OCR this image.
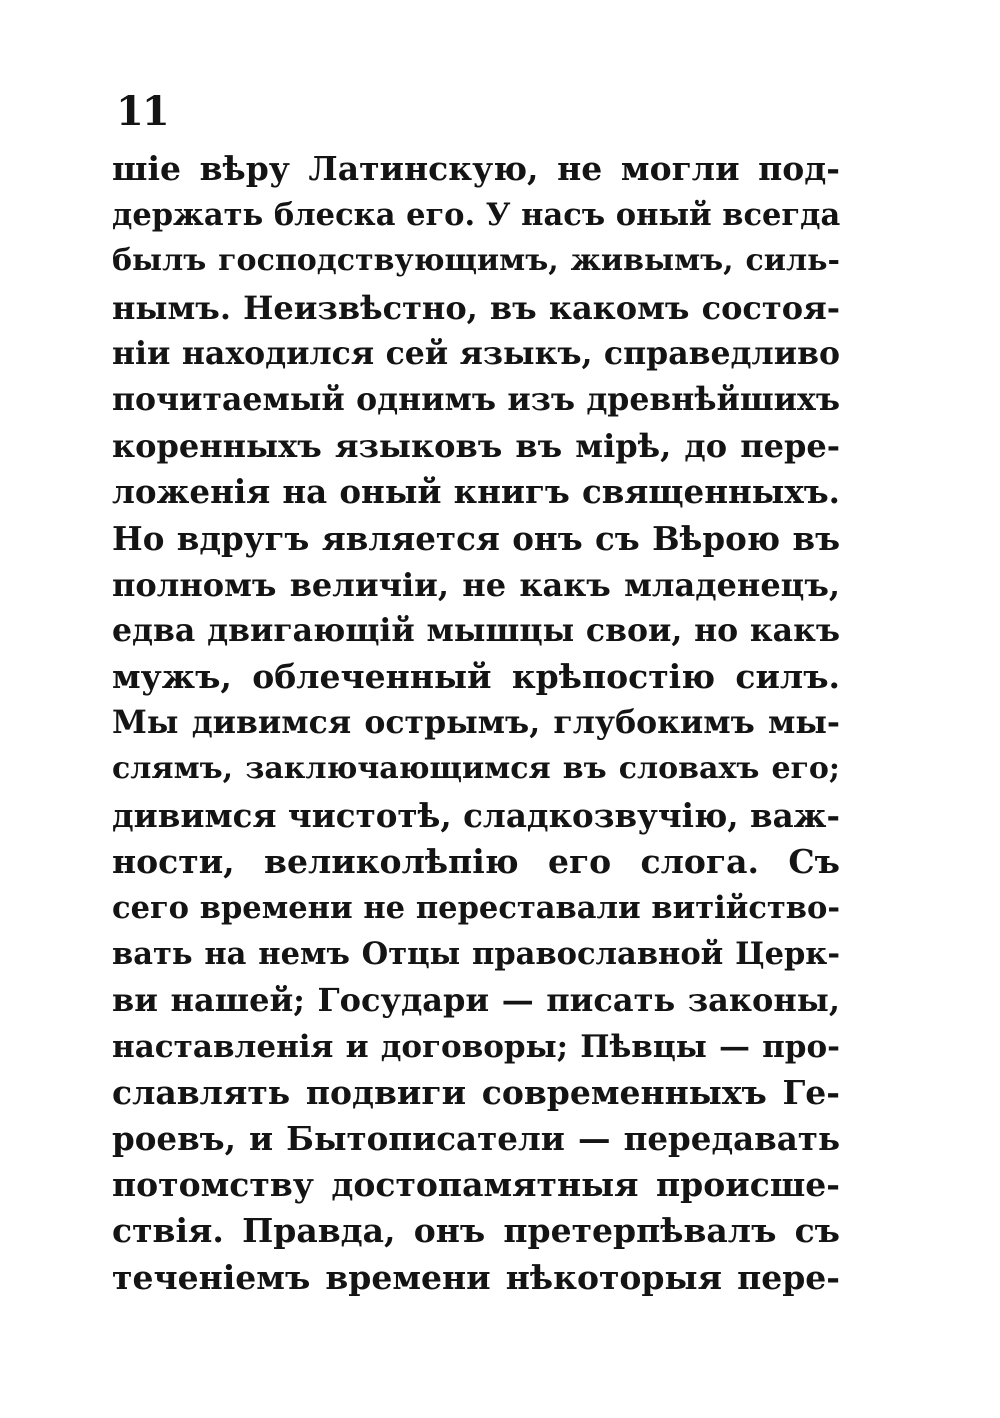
11
шіе вѣру Латинскую, не могли под-
держать блеска его. У насъ оный всегда
былъ господствующимъ, живымъ, силь-
нымъ. Неизвѣстно, въ какомъ состоя-
ніи находился сей языкъ, справедливо
почитаемый однимъ изъ древнѣйшихъ
коренныхъ языковъ въ мірѣ, до пере-
ложенія на оный книгъ священныхъ.
Но вдругъ является онъ съ Вѣрою въ
полномъ величіи, не какъ младенецъ,
едва двигающій мышцы свои, но какъ
мужъ, облеченный крѣпостію силъ.
Мы дивимся острымъ, глубокимъ мы-
слямъ, заключающимся въ словахъ его;
дивимся чистотѣ, сладкозвучію, важ-
ности, великолѣпію его слога. Съ
сего времени не переставали витійство-
вать на немъ Отцы православной Церк-
ви нашей; Государи — писать законы,
наставленія и договоры; Пѣвцы — про-
славлять подвиги современныхъ Ге-
роевъ, и Бытописатели — передавать
потомству достопамятныя происше-
ствія. Правда, онъ претерпѣвалъ съ
теченіемъ времени нѣкоторыя пере-
